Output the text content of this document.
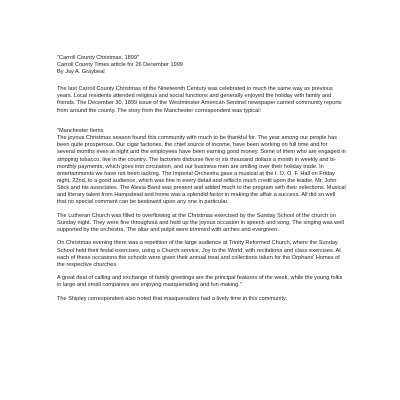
"Carroll County Christmas, 1899"
Carroll County Times article for 26 December 1999
By Jay A. Graybeal

The last Carroll County Christmas of the Nineteenth Century was celebrated in much the same way as previous years. Local residents attended religious and social functions and generally enjoyed the holiday with family and friends. The December 30, 1899 issue of the Westminster American Sentinel newspaper carried community reports from around the county. The story from the Manchester correspondent was typical:

"Manchester Items

The joyous Christmas season found this community with much to be thankful for. The year among our people has been quite prosperous. Our cigar factories, the chief source of income, have been working on full time and for several months even at night and the employees have been earning good money. Some of them who are engaged in stripping tobacco, live in the country. The factories disburse five or six thousand dollars a month in weekly and bi-monthly payments, which goes into circulation, and our business men are smiling over their holiday trade. In entertainments we have not been lacking. The Imperial Orchestra gave a musical at the I. O. O. F. Hall on Friday night, 22nd, to a good audience, which was fine in every detail and reflects much credit upon the leader, Mr. John Stick and his associates. The Alesia Band was present and added much to the program with their selections. Musical and literary talent from Hampstead and home was a splendid factor in making the affair a success. All did so well that no special comment can be bestowed upon any one in particular.

The Lutheran Church was filled to overflowing at the Christmas exercised by the Sunday School of the church on Sunday night. They were fine throughout and held up the joyous occasion in speech and song. The singing was well supported by the orchestra. The altar and pulpit were trimmed with arches and evergreen.

On Christmas evening there was a repetition of the large audience at Trinity Reformed Church, where the Sunday School held their festal exercises, using a Church service, Joy to the World, with recitations and class exercises. At each of these occasions the schools were given their annual treat and collections taken for the Orphans' Homes of the respective churches.

A great deal of calling and exchange of family greetings are the principal features of the week, while the young folks in large and small companies are enjoying masquerading and fun making."

The Shipley correspondent also noted that masqueraders had a lively time in this community:
